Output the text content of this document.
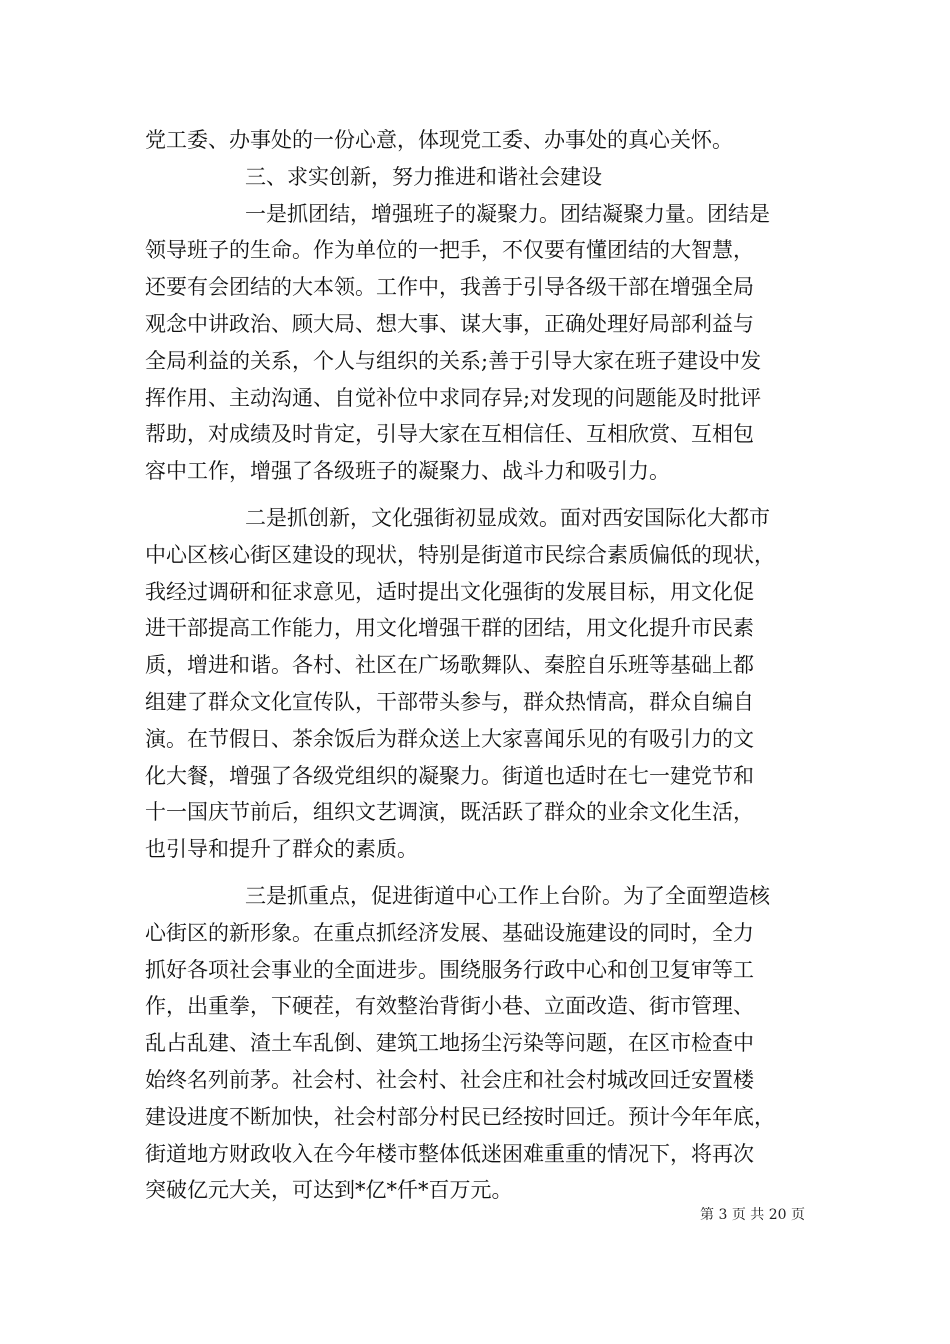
党工委、办事处的一份心意，体现党工委、办事处的真心关怀。
三、求实创新，努力推进和谐社会建设
一是抓团结，增强班子的凝聚力。团结凝聚力量。团结是
领导班子的生命。作为单位的一把手，不仅要有懂团结的大智慧，
还要有会团结的大本领。工作中，我善于引导各级干部在增强全局
观念中讲政治、顾大局、想大事、谋大事，正确处理好局部利益与
全局利益的关系，个人与组织的关系;善于引导大家在班子建设中发
挥作用、主动沟通、自觉补位中求同存异;对发现的问题能及时批评
帮助，对成绩及时肯定，引导大家在互相信任、互相欣赏、互相包
容中工作，增强了各级班子的凝聚力、战斗力和吸引力。
二是抓创新，文化强街初显成效。面对西安国际化大都市
中心区核心街区建设的现状，特别是街道市民综合素质偏低的现状，
我经过调研和征求意见，适时提出文化强街的发展目标，用文化促
进干部提高工作能力，用文化增强干群的团结，用文化提升市民素
质，增进和谐。各村、社区在广场歌舞队、秦腔自乐班等基础上都
组建了群众文化宣传队，干部带头参与，群众热情高，群众自编自
演。在节假日、茶余饭后为群众送上大家喜闻乐见的有吸引力的文
化大餐，增强了各级党组织的凝聚力。街道也适时在七一建党节和
十一国庆节前后，组织文艺调演，既活跃了群众的业余文化生活，
也引导和提升了群众的素质。
三是抓重点，促进街道中心工作上台阶。为了全面塑造核
心街区的新形象。在重点抓经济发展、基础设施建设的同时，全力
抓好各项社会事业的全面进步。围绕服务行政中心和创卫复审等工
作，出重拳，下硬茬，有效整治背街小巷、立面改造、街市管理、
乱占乱建、渣土车乱倒、建筑工地扬尘污染等问题，在区市检查中
始终名列前茅。社会村、社会村、社会庄和社会村城改回迁安置楼
建设进度不断加快，社会村部分村民已经按时回迁。预计今年年底，
街道地方财政收入在今年楼市整体低迷困难重重的情况下，将再次
突破亿元大关，可达到*亿*仟*百万元。
第 3 页 共 20 页
